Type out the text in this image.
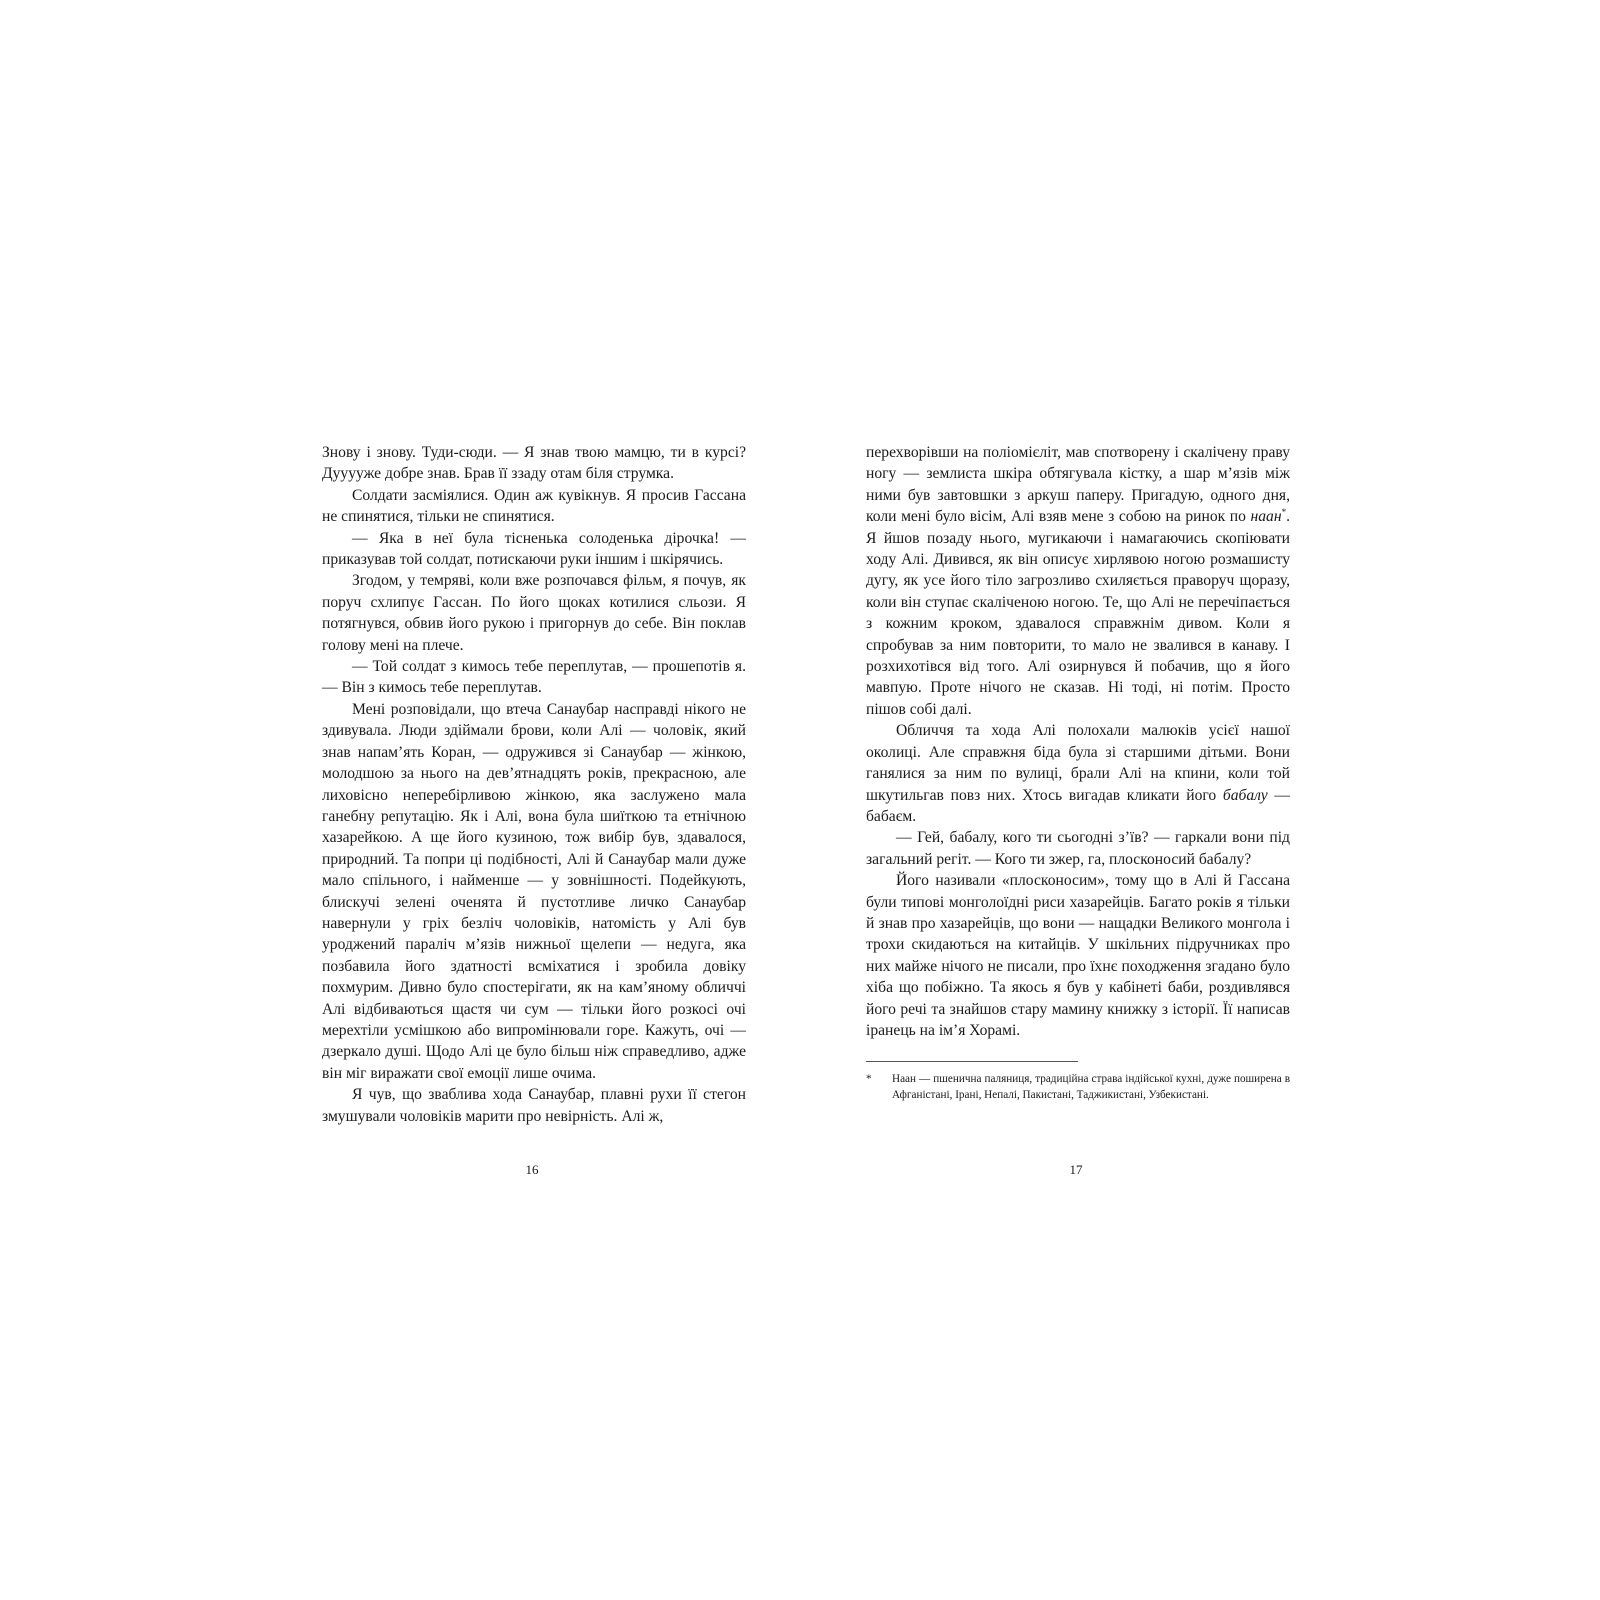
Знову і знову. Туди-сюди. — Я знав твою мамцю, ти в курсі? Дууууже добре знав. Брав її ззаду отам біля струмка.

Солдати засміялися. Один аж кувікнув. Я просив Гассана не спинятися, тільки не спинятися.

— Яка в неї була тісненька солоденька дірочка! — приказував той солдат, потискаючи руки іншим і шкірячись.

Згодом, у темряві, коли вже розпочався фільм, я почув, як поруч схлипує Гассан. По його щоках котилися сльози. Я потягнувся, обвив його рукою і пригорнув до себе. Він поклав голову мені на плече.

— Той солдат з кимось тебе переплутав, — прошепотів я. — Він з кимось тебе переплутав.

Мені розповідали, що втеча Санаубар насправді нікого не здивувала. Люди здіймали брови, коли Алі — чоловік, який знав напам’ять Коран, — одружився зі Санаубар — жінкою, молодшою за нього на дев’ятнадцять років, прекрасною, але лиховісно неперебірливою жінкою, яка заслужено мала ганебну репутацію. Як і Алі, вона була шиїткою та етнічною хазарейкою. А ще його кузиною, тож вибір був, здавалося, природний. Та попри ці подібності, Алі й Санаубар мали дуже мало спільного, і найменше — у зовнішності. Подейкують, блискучі зелені оченята й пустотливе личко Санаубар навернули у гріх безліч чоловіків, натомість у Алі був уроджений параліч м’язів нижньої щелепи — недуга, яка позбавила його здатності всміхатися і зробила довіку похмурим. Дивно було спостерігати, як на кам’яному обличчі Алі відбиваються щастя чи сум — тільки його розкосі очі мерехтіли усмішкою або випромінювали горе. Кажуть, очі — дзеркало душі. Щодо Алі це було більш ніж справедливо, адже він міг виражати свої емоції лише очима.

Я чув, що зваблива хода Санаубар, плавні рухи її стегон змушували чоловіків марити про невірність. Алі ж,

перехворівши на поліомієліт, мав спотворену і скалічену праву ногу — землиста шкіра обтягувала кістку, а шар м’язів між ними був завтовшки з аркуш паперу. Пригадую, одного дня, коли мені було вісім, Алі взяв мене з собою на ринок по наан*. Я йшов позаду нього, мугикаючи і намагаючись скопіювати ходу Алі. Дивився, як він описує хирлявою ногою розмашисту дугу, як усе його тіло загрозливо схиляється праворуч щоразу, коли він ступає скаліченою ногою. Те, що Алі не перечіпається з кожним кроком, здавалося справжнім дивом. Коли я спробував за ним повторити, то мало не звалився в канаву. І розхихотівся від того. Алі озирнувся й побачив, що я його мавпую. Проте нічого не сказав. Ні тоді, ні потім. Просто пішов собі далі.

Обличчя та хода Алі полохали малюків усієї нашої околиці. Але справжня біда була зі старшими дітьми. Вони ганялися за ним по вулиці, брали Алі на кпини, коли той шкутильгав повз них. Хтось вигадав кликати його бабалу — бабаєм.

— Гей, бабалу, кого ти сьогодні з’їв? — гаркали вони під загальний регіт. — Кого ти зжер, га, плосконосий бабалу?

Його називали «плосконосим», тому що в Алі й Гассана були типові монголоїдні риси хазарейців. Багато років я тільки й знав про хазарейців, що вони — нащадки Великого монгола і трохи скидаються на китайців. У шкільних підручниках про них майже нічого не писали, про їхнє походження згадано було хіба що побіжно. Та якось я був у кабінеті баби, роздивлявся його речі та знайшов стару мамину книжку з історії. Її написав іранець на ім’я Хорамі.

*	Наан — пшенична паляниця, традиційна страва індійської кухні, дуже поширена в Афганістані, Ірані, Непалі, Пакистані, Таджикистані, Узбекистані.
16	17
